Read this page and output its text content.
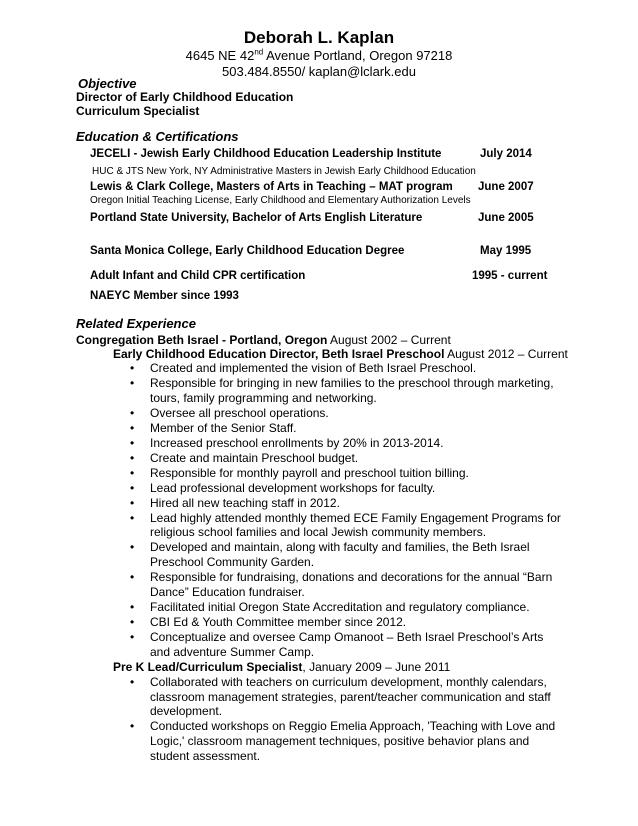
Deborah L. Kaplan
4645 NE 42nd Avenue Portland, Oregon 97218
503.484.8550/ kaplan@lclark.edu
Objective
Director of Early Childhood Education
Curriculum Specialist
Education & Certifications
JECELI - Jewish Early Childhood Education Leadership Institute	July 2014
HUC & JTS New York, NY Administrative Masters in Jewish Early Childhood Education
Lewis & Clark College, Masters of Arts in Teaching – MAT program June 2007
Oregon Initial Teaching License, Early Childhood and Elementary Authorization Levels
Portland State University, Bachelor of Arts English Literature	June 2005
Santa Monica College, Early Childhood Education Degree	May 1995
Adult Infant and Child CPR certification	1995 - current
NAEYC Member since 1993
Related Experience
Congregation Beth Israel - Portland, Oregon August 2002 – Current
Early Childhood Education Director, Beth Israel Preschool August 2012 – Current
• Created and implemented the vision of Beth Israel Preschool.
• Responsible for bringing in new families to the preschool through marketing, tours, family programming and networking.
• Oversee all preschool operations.
• Member of the Senior Staff.
• Increased preschool enrollments by 20% in 2013-2014.
• Create and maintain Preschool budget.
• Responsible for monthly payroll and preschool tuition billing.
• Lead professional development workshops for faculty.
• Hired all new teaching staff in 2012.
• Lead highly attended monthly themed ECE Family Engagement Programs for religious school families and local Jewish community members.
• Developed and maintain, along with faculty and families, the Beth Israel Preschool Community Garden.
• Responsible for fundraising, donations and decorations for the annual “Barn Dance” Education fundraiser.
• Facilitated initial Oregon State Accreditation and regulatory compliance.
• CBI Ed & Youth Committee member since 2012.
• Conceptualize and oversee Camp Omanoot – Beth Israel Preschool’s Arts and adventure Summer Camp.
Pre K Lead/Curriculum Specialist, January 2009 – June 2011
• Collaborated with teachers on curriculum development, monthly calendars, classroom management strategies, parent/teacher communication and staff development.
• Conducted workshops on Reggio Emelia Approach, 'Teaching with Love and Logic,' classroom management techniques, positive behavior plans and student assessment.
